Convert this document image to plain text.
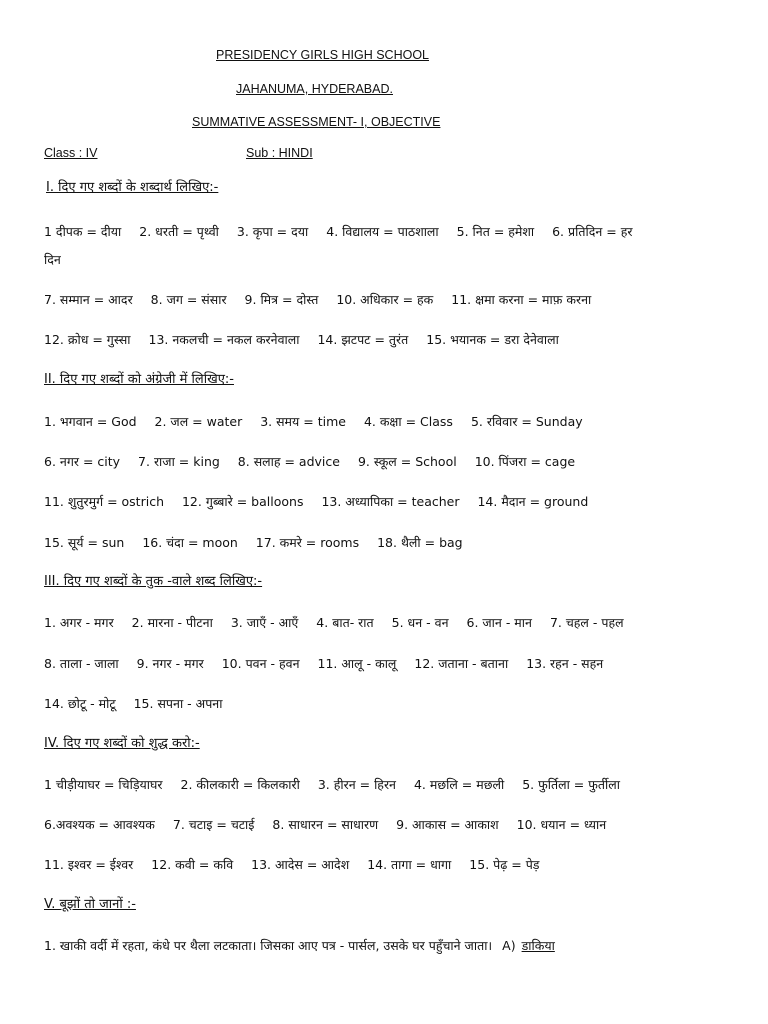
PRESIDENCY GIRLS HIGH SCHOOL
JAHANUMA, HYDERABAD.
SUMMATIVE ASSESSMENT- I, OBJECTIVE
Class : IV	Sub : HINDI
I. दिए गए शब्दों के शब्दार्थ लिखिए:-
1 दीपक = दीया 2. धरती = पृथ्वी 3. कृपा = दया 4. विद्यालय = पाठशाला 5. नित = हमेशा 6. प्रतिदिन = हर
दिन
7. सम्मान = आदर 8. जग = संसार 9. मित्र = दोस्त 10. अधिकार = हक 11. क्षमा करना = माफ़ करना
12. क्रोध = गुस्सा 13. नकलची = नकल करनेवाला 14. झटपट = तुरंत 15. भयानक = डरा देनेवाला
II. दिए गए शब्दों को अंग्रेजी में लिखिए:-
1. भगवान = God 2. जल = water 3. समय = time 4. कक्षा = Class 5. रविवार = Sunday
6. नगर = city 7. राजा = king 8. सलाह = advice 9. स्कूल = School 10. पिंजरा = cage
11. शुतुरमुर्ग = ostrich 12. गुब्बारे = balloons 13. अध्यापिका = teacher 14. मैदान = ground
15. सूर्य = sun 16. चंदा = moon 17. कमरे = rooms 18. थैली = bag
III. दिए गए शब्दों के तुक -वाले शब्द लिखिए:-
1. अगर - मगर 2. मारना - पीटना 3. जाएँ - आएँ 4. बात- रात 5. धन - वन 6. जान - मान 7. चहल - पहल
8. ताला - जाला 9. नगर - मगर 10. पवन - हवन 11. आलू - कालू 12. जताना - बताना 13. रहन - सहन
14. छोटू - मोटू 15. सपना - अपना
IV. दिए गए शब्दों को शुद्ध करो:-
1 चीड़ीयाघर = चिड़ियाघर 2. कीलकारी = किलकारी 3. हीरन = हिरन 4. मछलि = मछली 5. फुर्तिला = फुर्तीला
6.अवश्यक = आवश्यक 7. चटाइ = चटाई 8. साधारन = साधारण 9. आकास = आकाश 10. धयान = ध्यान
11. इश्वर = ईश्वर 12. कवी = कवि 13. आदेस = आदेश 14. तागा = धागा 15. पेढ़ = पेड़
V. बूझों तो जानों :-
1. खाकी वर्दी में रहता, कंधे पर थैला लटकाता। जिसका आए पत्र - पार्सल, उसके घर पहुँचाने जाता। A) डाकिया
